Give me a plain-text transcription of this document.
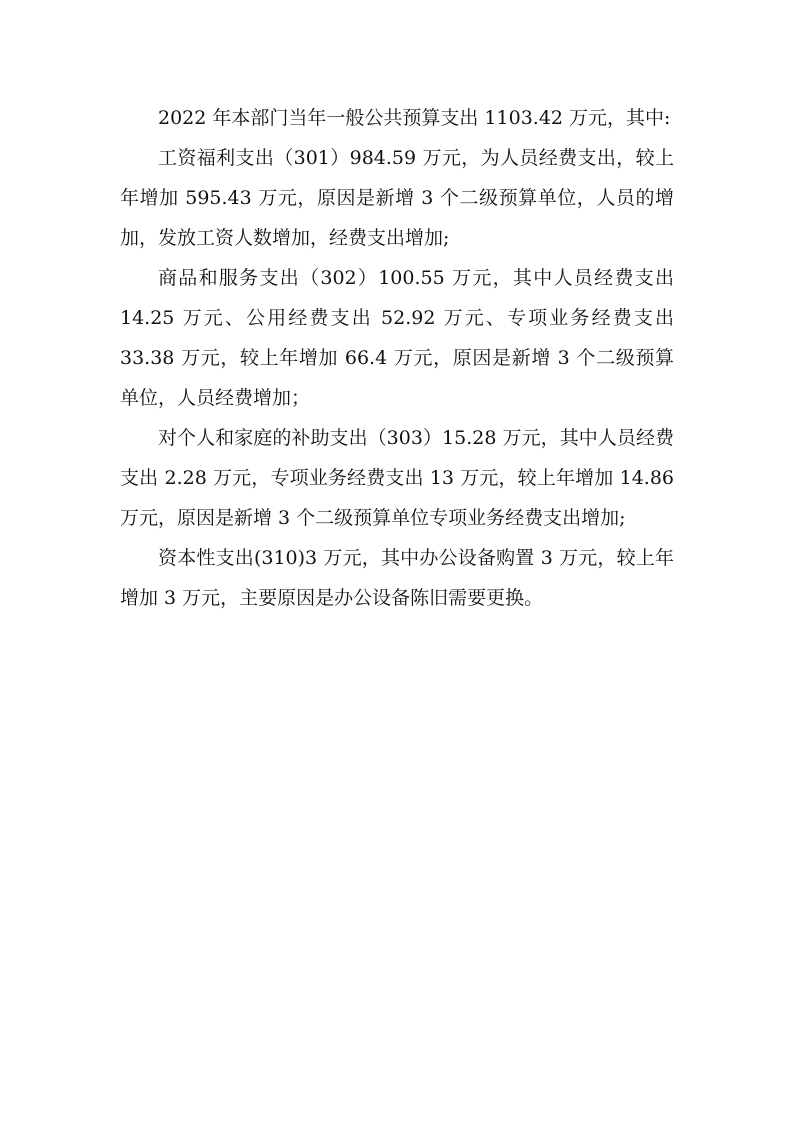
2022 年本部门当年一般公共预算支出 1103.42 万元，其中:

工资福利支出（301）984.59 万元，为人员经费支出，较上年增加 595.43 万元，原因是新增 3 个二级预算单位，人员的增加，发放工资人数增加，经费支出增加;

商品和服务支出（302）100.55 万元，其中人员经费支出 14.25 万元、公用经费支出 52.92 万元、专项业务经费支出 33.38 万元，较上年增加 66.4 万元，原因是新增 3 个二级预算单位，人员经费增加；

对个人和家庭的补助支出（303）15.28 万元，其中人员经费支出 2.28 万元，专项业务经费支出 13 万元，较上年增加 14.86 万元，原因是新增 3 个二级预算单位专项业务经费支出增加;

资本性支出(310)3 万元，其中办公设备购置 3 万元，较上年增加 3 万元，主要原因是办公设备陈旧需要更换。
